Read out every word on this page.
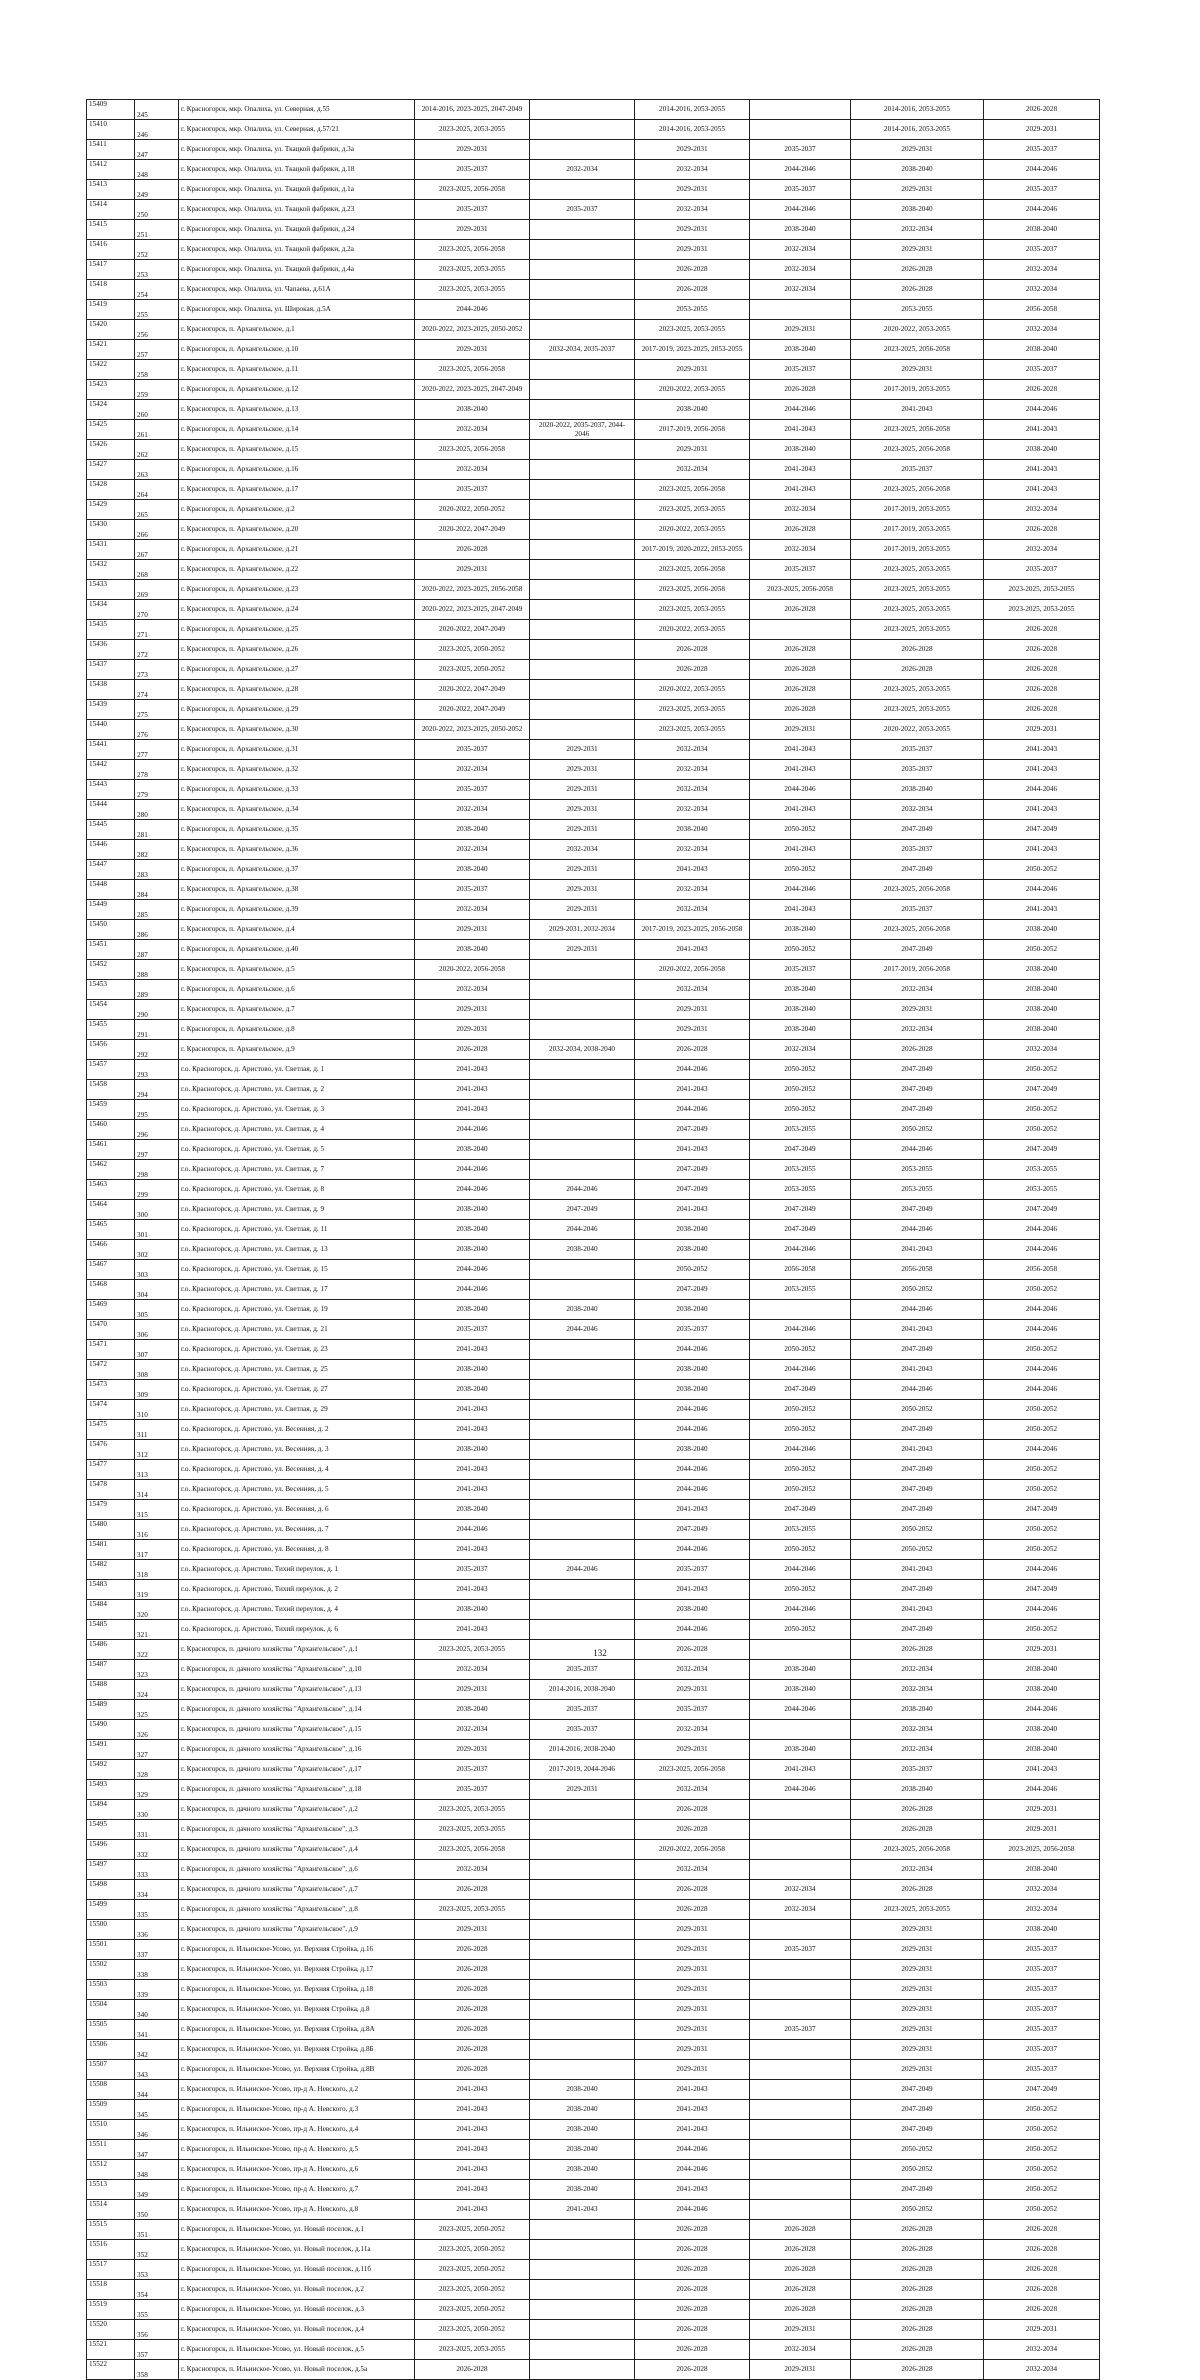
15409	245	г. Красногорск, мкр. Опалиха, ул. Северная, д.55	2014-2016, 2023-2025, 2047-2049		2014-2016, 2053-2055		2014-2016, 2053-2055	2026-2028
15410	246	г. Красногорск, мкр. Опалиха, ул. Северная, д.57/21	2023-2025, 2053-2055		2014-2016, 2053-2055		2014-2016, 2053-2055	2029-2031
15411	247	г. Красногорск, мкр. Опалиха, ул. Ткацкой фабрики, д.3а	2029-2031		2029-2031	2035-2037	2029-2031	2035-2037
15412	248	г. Красногорск, мкр. Опалиха, ул. Ткацкой фабрики, д.18	2035-2037	2032-2034	2032-2034	2044-2046	2038-2040	2044-2046
15413	249	г. Красногорск, мкр. Опалиха, ул. Ткацкой фабрики, д.1а	2023-2025, 2056-2058		2029-2031	2035-2037	2029-2031	2035-2037
15414	250	г. Красногорск, мкр. Опалиха, ул. Ткацкой фабрики, д.23	2035-2037	2035-2037	2032-2034	2044-2046	2038-2040	2044-2046
15415	251	г. Красногорск, мкр. Опалиха, ул. Ткацкой фабрики, д.24	2029-2031		2029-2031	2038-2040	2032-2034	2038-2040
15416	252	г. Красногорск, мкр. Опалиха, ул. Ткацкой фабрики, д.2а	2023-2025, 2056-2058		2029-2031	2032-2034	2029-2031	2035-2037
15417	253	г. Красногорск, мкр. Опалиха, ул. Ткацкой фабрики, д.4а	2023-2025, 2053-2055		2026-2028	2032-2034	2026-2028	2032-2034
15418	254	г. Красногорск, мкр. Опалиха, ул. Чапаева, д.61А	2023-2025, 2053-2055		2026-2028	2032-2034	2026-2028	2032-2034
15419	255	г. Красногорск, мкр. Опалиха, ул. Широкая, д.5А	2044-2046		2053-2055		2053-2055	2056-2058
15420	256	г. Красногорск, п. Архангельское, д.1	2020-2022, 2023-2025, 2050-2052		2023-2025, 2053-2055	2029-2031	2020-2022, 2053-2055	2032-2034
15421	257	г. Красногорск, п. Архангельское, д.10	2029-2031	2032-2034, 2035-2037	2017-2019, 2023-2025, 2053-2055	2038-2040	2023-2025, 2056-2058	2038-2040
15422	258	г. Красногорск, п. Архангельское, д.11	2023-2025, 2056-2058		2029-2031	2035-2037	2029-2031	2035-2037
15423	259	г. Красногорск, п. Архангельское, д.12	2020-2022, 2023-2025, 2047-2049		2020-2022, 2053-2055	2026-2028	2017-2019, 2053-2055	2026-2028
15424	260	г. Красногорск, п. Архангельское, д.13	2038-2040		2038-2040	2044-2046	2041-2043	2044-2046
15425	261	г. Красногорск, п. Архангельское, д.14	2032-2034	2020-2022, 2035-2037, 2044-2046	2017-2019, 2056-2058	2041-2043	2023-2025, 2056-2058	2041-2043
15426	262	г. Красногорск, п. Архангельское, д.15	2023-2025, 2056-2058		2029-2031	2038-2040	2023-2025, 2056-2058	2038-2040
15427	263	г. Красногорск, п. Архангельское, д.16	2032-2034		2032-2034	2041-2043	2035-2037	2041-2043
15428	264	г. Красногорск, п. Архангельское, д.17	2035-2037		2023-2025, 2056-2058	2041-2043	2023-2025, 2056-2058	2041-2043
15429	265	г. Красногорск, п. Архангельское, д.2	2020-2022, 2050-2052		2023-2025, 2053-2055	2032-2034	2017-2019, 2053-2055	2032-2034
15430	266	г. Красногорск, п. Архангельское, д.20	2020-2022, 2047-2049		2020-2022, 2053-2055	2026-2028	2017-2019, 2053-2055	2026-2028
15431	267	г. Красногорск, п. Архангельское, д.21	2026-2028		2017-2019, 2020-2022, 2053-2055	2032-2034	2017-2019, 2053-2055	2032-2034
15432	268	г. Красногорск, п. Архангельское, д.22	2029-2031		2023-2025, 2056-2058	2035-2037	2023-2025, 2053-2055	2035-2037
15433	269	г. Красногорск, п. Архангельское, д.23	2020-2022, 2023-2025, 2056-2058		2023-2025, 2056-2058	2023-2025, 2056-2058	2023-2025, 2053-2055	2023-2025, 2053-2055
15434	270	г. Красногорск, п. Архангельское, д.24	2020-2022, 2023-2025, 2047-2049		2023-2025, 2053-2055	2026-2028	2023-2025, 2053-2055	2023-2025, 2053-2055
15435	271	г. Красногорск, п. Архангельское, д.25	2020-2022, 2047-2049		2020-2022, 2053-2055		2023-2025, 2053-2055	2026-2028
15436	272	г. Красногорск, п. Архангельское, д.26	2023-2025, 2050-2052		2026-2028	2026-2028	2026-2028	2026-2028
15437	273	г. Красногорск, п. Архангельское, д.27	2023-2025, 2050-2052		2026-2028	2026-2028	2026-2028	2026-2028
15438	274	г. Красногорск, п. Архангельское, д.28	2020-2022, 2047-2049		2020-2022, 2053-2055	2026-2028	2023-2025, 2053-2055	2026-2028
15439	275	г. Красногорск, п. Архангельское, д.29	2020-2022, 2047-2049		2023-2025, 2053-2055	2026-2028	2023-2025, 2053-2055	2026-2028
15440	276	г. Красногорск, п. Архангельское, д.30	2020-2022, 2023-2025, 2050-2052		2023-2025, 2053-2055	2029-2031	2020-2022, 2053-2055	2029-2031
15441	277	г. Красногорск, п. Архангельское, д.31	2035-2037	2029-2031	2032-2034	2041-2043	2035-2037	2041-2043
15442	278	г. Красногорск, п. Архангельское, д.32	2032-2034	2029-2031	2032-2034	2041-2043	2035-2037	2041-2043
15443	279	г. Красногорск, п. Архангельское, д.33	2035-2037	2029-2031	2032-2034	2044-2046	2038-2040	2044-2046
15444	280	г. Красногорск, п. Архангельское, д.34	2032-2034	2029-2031	2032-2034	2041-2043	2032-2034	2041-2043
15445	281	г. Красногорск, п. Архангельское, д.35	2038-2040	2029-2031	2038-2040	2050-2052	2047-2049	2047-2049
15446	282	г. Красногорск, п. Архангельское, д.36	2032-2034	2032-2034	2032-2034	2041-2043	2035-2037	2041-2043
15447	283	г. Красногорск, п. Архангельское, д.37	2038-2040	2029-2031	2041-2043	2050-2052	2047-2049	2050-2052
15448	284	г. Красногорск, п. Архангельское, д.38	2035-2037	2029-2031	2032-2034	2044-2046	2023-2025, 2056-2058	2044-2046
15449	285	г. Красногорск, п. Архангельское, д.39	2032-2034	2029-2031	2032-2034	2041-2043	2035-2037	2041-2043
15450	286	г. Красногорск, п. Архангельское, д.4	2029-2031	2029-2031, 2032-2034	2017-2019, 2023-2025, 2056-2058	2038-2040	2023-2025, 2056-2058	2038-2040
15451	287	г. Красногорск, п. Архангельское, д.40	2038-2040	2029-2031	2041-2043	2050-2052	2047-2049	2050-2052
15452	288	г. Красногорск, п. Архангельское, д.5	2020-2022, 2056-2058		2020-2022, 2056-2058	2035-2037	2017-2019, 2056-2058	2038-2040
15453	289	г. Красногорск, п. Архангельское, д.6	2032-2034		2032-2034	2038-2040	2032-2034	2038-2040
15454	290	г. Красногорск, п. Архангельское, д.7	2029-2031		2029-2031	2038-2040	2029-2031	2038-2040
15455	291	г. Красногорск, п. Архангельское, д.8	2029-2031		2029-2031	2038-2040	2032-2034	2038-2040
15456	292	г. Красногорск, п. Архангельское, д.9	2026-2028	2032-2034, 2038-2040	2026-2028	2032-2034	2026-2028	2032-2034
15457	293	г.о. Красногорск, д. Аристово, ул. Светлая, д. 1	2041-2043		2044-2046	2050-2052	2047-2049	2050-2052
15458	294	г.о. Красногорск, д. Аристово, ул. Светлая, д. 2	2041-2043		2041-2043	2050-2052	2047-2049	2047-2049
15459	295	г.о. Красногорск, д. Аристово, ул. Светлая, д. 3	2041-2043		2044-2046	2050-2052	2047-2049	2050-2052
15460	296	г.о. Красногорск, д. Аристово, ул. Светлая, д. 4	2044-2046		2047-2049	2053-2055	2050-2052	2050-2052
15461	297	г.о. Красногорск, д. Аристово, ул. Светлая, д. 5	2038-2040		2041-2043	2047-2049	2044-2046	2047-2049
15462	298	г.о. Красногорск, д. Аристово, ул. Светлая, д. 7	2044-2046		2047-2049	2053-2055	2053-2055	2053-2055
15463	299	г.о. Красногорск, д. Аристово, ул. Светлая, д. 8	2044-2046	2044-2046	2047-2049	2053-2055	2053-2055	2053-2055
15464	300	г.о. Красногорск, д. Аристово, ул. Светлая, д. 9	2038-2040	2047-2049	2041-2043	2047-2049	2047-2049	2047-2049
15465	301	г.о. Красногорск, д. Аристово, ул. Светлая, д. 11	2038-2040	2044-2046	2038-2040	2047-2049	2044-2046	2044-2046
15466	302	г.о. Красногорск, д. Аристово, ул. Светлая, д. 13	2038-2040	2038-2040	2038-2040	2044-2046	2041-2043	2044-2046
15467	303	г.о. Красногорск, д. Аристово, ул. Светлая, д. 15	2044-2046		2050-2052	2056-2058	2056-2058	2056-2058
15468	304	г.о. Красногорск, д. Аристово, ул. Светлая, д. 17	2044-2046		2047-2049	2053-2055	2050-2052	2050-2052
15469	305	г.о. Красногорск, д. Аристово, ул. Светлая, д. 19	2038-2040	2038-2040	2038-2040		2044-2046	2044-2046
15470	306	г.о. Красногорск, д. Аристово, ул. Светлая, д. 21	2035-2037	2044-2046	2035-2037	2044-2046	2041-2043	2044-2046
15471	307	г.о. Красногорск, д. Аристово, ул. Светлая, д. 23	2041-2043		2044-2046	2050-2052	2047-2049	2050-2052
15472	308	г.о. Красногорск, д. Аристово, ул. Светлая, д. 25	2038-2040		2038-2040	2044-2046	2041-2043	2044-2046
15473	309	г.о. Красногорск, д. Аристово, ул. Светлая, д. 27	2038-2040		2038-2040	2047-2049	2044-2046	2044-2046
15474	310	г.о. Красногорск, д. Аристово, ул. Светлая, д. 29	2041-2043		2044-2046	2050-2052	2050-2052	2050-2052
15475	311	г.о. Красногорск, д. Аристово, ул. Весенняя, д. 2	2041-2043		2044-2046	2050-2052	2047-2049	2050-2052
15476	312	г.о. Красногорск, д. Аристово, ул. Весенняя, д. 3	2038-2040		2038-2040	2044-2046	2041-2043	2044-2046
15477	313	г.о. Красногорск, д. Аристово, ул. Весенняя, д. 4	2041-2043		2044-2046	2050-2052	2047-2049	2050-2052
15478	314	г.о. Красногорск, д. Аристово, ул. Весенняя, д. 5	2041-2043		2044-2046	2050-2052	2047-2049	2050-2052
15479	315	г.о. Красногорск, д. Аристово, ул. Весенняя, д. 6	2038-2040		2041-2043	2047-2049	2047-2049	2047-2049
15480	316	г.о. Красногорск, д. Аристово, ул. Весенняя, д. 7	2044-2046		2047-2049	2053-2055	2050-2052	2050-2052
15481	317	г.о. Красногорск, д. Аристово, ул. Весенняя, д. 8	2041-2043		2044-2046	2050-2052	2050-2052	2050-2052
15482	318	г.о. Красногорск, д. Аристово, Тихий переулок, д. 1	2035-2037	2044-2046	2035-2037	2044-2046	2041-2043	2044-2046
15483	319	г.о. Красногорск, д. Аристово, Тихий переулок, д. 2	2041-2043		2041-2043	2050-2052	2047-2049	2047-2049
15484	320	г.о. Красногорск, д. Аристово, Тихий переулок, д. 4	2038-2040		2038-2040	2044-2046	2041-2043	2044-2046
15485	321	г.о. Красногорск, д. Аристово, Тихий переулок, д. 6	2041-2043		2044-2046	2050-2052	2047-2049	2050-2052
15486	322	г. Красногорск, п. дачного хозяйства "Архангельское", д.1	2023-2025, 2053-2055		2026-2028		2026-2028	2029-2031
15487	323	г. Красногорск, п. дачного хозяйства "Архангельское", д.10	2032-2034	2035-2037	2032-2034	2038-2040	2032-2034	2038-2040
15488	324	г. Красногорск, п. дачного хозяйства "Архангельское", д.13	2029-2031	2014-2016, 2038-2040	2029-2031	2038-2040	2032-2034	2038-2040
15489	325	г. Красногорск, п. дачного хозяйства "Архангельское", д.14	2038-2040	2035-2037	2035-2037	2044-2046	2038-2040	2044-2046
15490	326	г. Красногорск, п. дачного хозяйства "Архангельское", д.15	2032-2034	2035-2037	2032-2034		2032-2034	2038-2040
15491	327	г. Красногорск, п. дачного хозяйства "Архангельское", д.16	2029-2031	2014-2016, 2038-2040	2029-2031	2038-2040	2032-2034	2038-2040
15492	328	г. Красногорск, п. дачного хозяйства "Архангельское", д.17	2035-2037	2017-2019, 2044-2046	2023-2025, 2056-2058	2041-2043	2035-2037	2041-2043
15493	329	г. Красногорск, п. дачного хозяйства "Архангельское", д.18	2035-2037	2029-2031	2032-2034	2044-2046	2038-2040	2044-2046
15494	330	г. Красногорск, п. дачного хозяйства "Архангельское", д.2	2023-2025, 2053-2055		2026-2028		2026-2028	2029-2031
15495	331	г. Красногорск, п. дачного хозяйства "Архангельское", д.3	2023-2025, 2053-2055		2026-2028		2026-2028	2029-2031
15496	332	г. Красногорск, п. дачного хозяйства "Архангельское", д.4	2023-2025, 2056-2058		2020-2022, 2056-2058		2023-2025, 2056-2058	2023-2025, 2056-2058
15497	333	г. Красногорск, п. дачного хозяйства "Архангельское", д.6	2032-2034		2032-2034		2032-2034	2038-2040
15498	334	г. Красногорск, п. дачного хозяйства "Архангельское", д.7	2026-2028		2026-2028	2032-2034	2026-2028	2032-2034
15499	335	г. Красногорск, п. дачного хозяйства "Архангельское", д.8	2023-2025, 2053-2055		2026-2028	2032-2034	2023-2025, 2053-2055	2032-2034
15500	336	г. Красногорск, п. дачного хозяйства "Архангельское", д.9	2029-2031		2029-2031		2029-2031	2038-2040
15501	337	г. Красногорск, п. Ильинское-Усово, ул. Верхняя Стройка, д.16	2026-2028		2029-2031	2035-2037	2029-2031	2035-2037
15502	338	г. Красногорск, п. Ильинское-Усово, ул. Верхняя Стройка, д.17	2026-2028		2029-2031		2029-2031	2035-2037
15503	339	г. Красногорск, п. Ильинское-Усово, ул. Верхняя Стройка, д.18	2026-2028		2029-2031		2029-2031	2035-2037
15504	340	г. Красногорск, п. Ильинское-Усово, ул. Верхняя Стройка, д.8	2026-2028		2029-2031		2029-2031	2035-2037
15505	341	г. Красногорск, п. Ильинское-Усово, ул. Верхняя Стройка, д.8А	2026-2028		2029-2031	2035-2037	2029-2031	2035-2037
15506	342	г. Красногорск, п. Ильинское-Усово, ул. Верхняя Стройка, д.8Б	2026-2028		2029-2031		2029-2031	2035-2037
15507	343	г. Красногорск, п. Ильинское-Усово, ул. Верхняя Стройка, д.8В	2026-2028		2029-2031		2029-2031	2035-2037
15508	344	г. Красногорск, п. Ильинское-Усово, пр-д А. Невского, д.2	2041-2043	2038-2040	2041-2043		2047-2049	2047-2049
15509	345	г. Красногорск, п. Ильинское-Усово, пр-д А. Невского, д.3	2041-2043	2038-2040	2041-2043		2047-2049	2050-2052
15510	346	г. Красногорск, п. Ильинское-Усово, пр-д А. Невского, д.4	2041-2043	2038-2040	2041-2043		2047-2049	2050-2052
15511	347	г. Красногорск, п. Ильинское-Усово, пр-д А. Невского, д.5	2041-2043	2038-2040	2044-2046		2050-2052	2050-2052
15512	348	г. Красногорск, п. Ильинское-Усово, пр-д А. Невского, д.6	2041-2043	2038-2040	2044-2046		2050-2052	2050-2052
15513	349	г. Красногорск, п. Ильинское-Усово, пр-д А. Невского, д.7	2041-2043	2038-2040	2041-2043		2047-2049	2050-2052
15514	350	г. Красногорск, п. Ильинское-Усово, пр-д А. Невского, д.8	2041-2043	2041-2043	2044-2046		2050-2052	2050-2052
15515	351	г. Красногорск, п. Ильинское-Усово, ул. Новый поселок, д.1	2023-2025, 2050-2052		2026-2028	2026-2028	2026-2028	2026-2028
15516	352	г. Красногорск, п. Ильинское-Усово, ул. Новый поселок, д.11а	2023-2025, 2050-2052		2026-2028	2026-2028	2026-2028	2026-2028
15517	353	г. Красногорск, п. Ильинское-Усово, ул. Новый поселок, д.11б	2023-2025, 2050-2052		2026-2028	2026-2028	2026-2028	2026-2028
15518	354	г. Красногорск, п. Ильинское-Усово, ул. Новый поселок, д.2	2023-2025, 2050-2052		2026-2028	2026-2028	2026-2028	2026-2028
15519	355	г. Красногорск, п. Ильинское-Усово, ул. Новый поселок, д.3	2023-2025, 2050-2052		2026-2028	2026-2028	2026-2028	2026-2028
15520	356	г. Красногорск, п. Ильинское-Усово, ул. Новый поселок, д.4	2023-2025, 2050-2052		2026-2028	2029-2031	2026-2028	2029-2031
15521	357	г. Красногорск, п. Ильинское-Усово, ул. Новый поселок, д.5	2023-2025, 2053-2055		2026-2028	2032-2034	2026-2028	2032-2034
15522	358	г. Красногорск, п. Ильинское-Усово, ул. Новый поселок, д.5а	2026-2028		2026-2028	2029-2031	2026-2028	2032-2034
132
